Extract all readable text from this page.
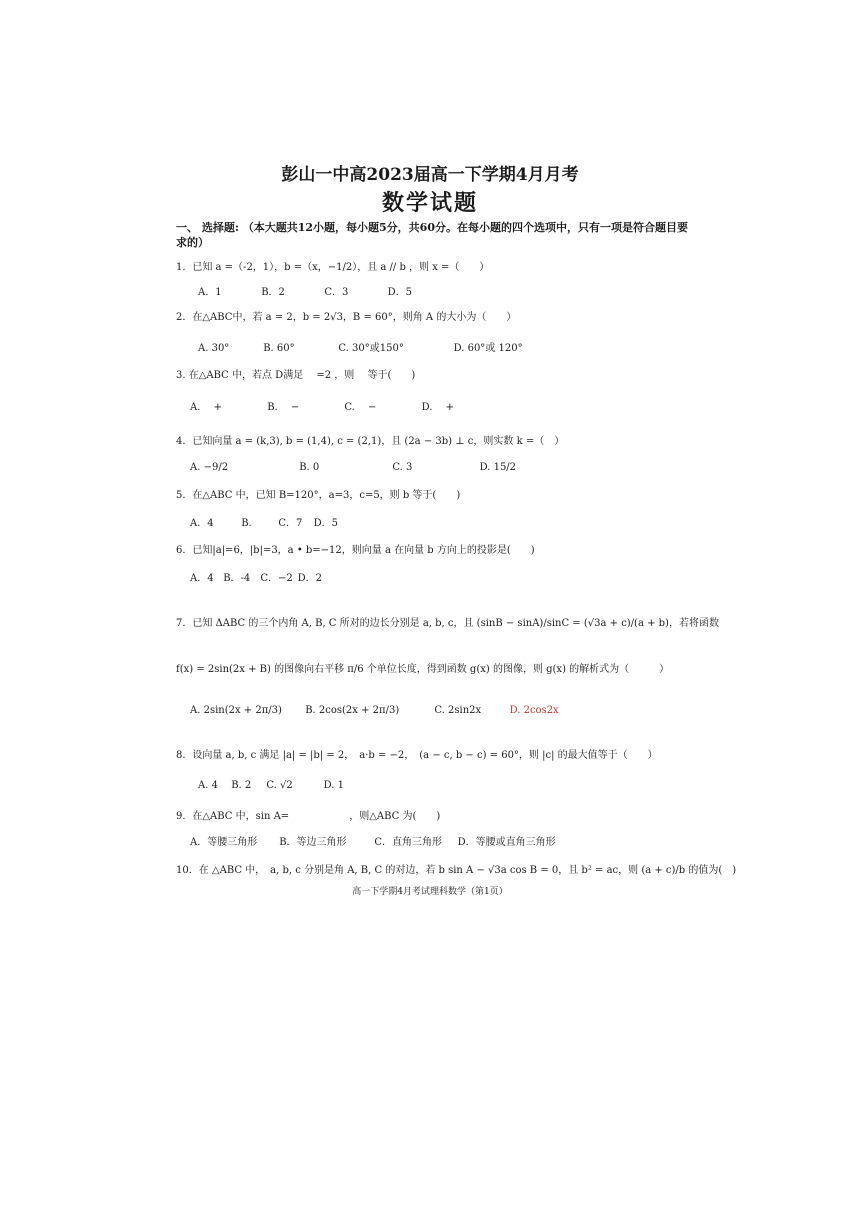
彭山一中高2023届高一下学期4月月考
数学试题
一、 选择题: （本大题共12小题，每小题5分，共60分。在每小题的四个选项中，只有一项是符合题目要求的）
1．已知 a =（-2，1），b =（x，−1/2），且 a // b ，则 x =（　　）
A．1	B．2	C．3	D．5
2．在△ABC中，若 a = 2，b = 2√3，B = 60°，则角 A 的大小为（　　）
A. 30°	B. 60°	C. 30°或150°	D. 60°或 120°
3. 在△ABC 中，若点 D满足 　=2 ，则 　等于(　　)
A. 　+	B. 　−	C. 　−	D. 　+
4．已知向量 a = (k,3), b = (1,4), c = (2,1)，且 (2a − 3b) ⊥ c，则实数 k =（　）
A. −9/2	B. 0	C. 3	D. 15/2
5．在△ABC 中，已知 B=120°，a=3，c=5，则 b 等于(　　)
A．4	B.	C．7 D．5
6．已知|a|=6，|b|=3，a • b=−12，则向量 a 在向量 b 方向上的投影是(　　)
A．4 B．-4 C．−2 D．2
7．已知 ΔABC 的三个内角 A, B, C 所对的边长分别是 a, b, c，且 (sinB − sinA)/sinC = (√3a + c)/(a + b)，若将函数
f(x) = 2sin(2x + B) 的图像向右平移 π/6 个单位长度，得到函数 g(x) 的图像，则 g(x) 的解析式为（　　　）
A. 2sin(2x + 2π/3) B. 2cos(2x + 2π/3)	C. 2sin2x	D. 2cos2x
8．设向量 a, b, c 满足 |a| = |b| = 2，　a·b = −2，　(a − c, b − c) = 60°，则 |c| 的最大值等于（　　）
A. 4 B. 2 C. √2	D. 1
9．在△ABC 中，sin A=　　　　　　，则△ABC 为(　　)
A．等腰三角形 B．等边三角形	C．直角三角形 D．等腰或直角三角形
10．在 △ABC 中，　a, b, c 分别是角 A, B, C 的对边，若 b sin A − √3a cos B = 0，且 b² = ac，则 (a + c)/b 的值为(　)
高一下学期4月考试理科数学（第1页）
